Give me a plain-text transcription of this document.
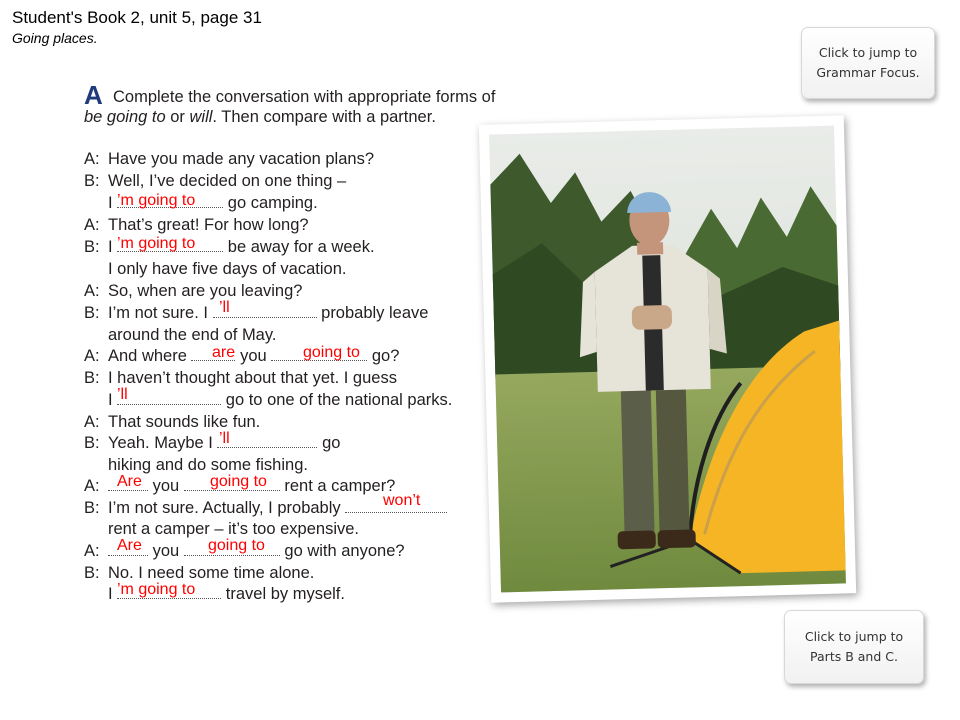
Student's Book 2, unit 5, page 31
Going places.
Click to jump to
Grammar Focus.
Click to jump to
Parts B and C.
A Complete the conversation with appropriate forms of
be going to or will. Then compare with a partner.
A: Have you made any vacation plans?
B: Well, I’ve decided on one thing –
I	go camping.
A: That’s great! For how long?
B: I	be away for a week.
I only have five days of vacation.
A: So, when are you leaving?
B: I’m not sure. I	probably leave
around the end of May.
A: And where	you	go?
B: I haven’t thought about that yet. I guess
I	go to one of the national parks.
A: That sounds like fun.
B: Yeah. Maybe I	go
hiking and do some fishing.
A:	you	rent a camper?
B: I’m not sure. Actually, I probably
rent a camper – it’s too expensive.
A:	you	go with anyone?
B: No. I need some time alone.
I	travel by myself.
’m going to
’m going to
’ll
are	going to
’ll
’ll
Are	going to
won’t
Are	going to
’m going to
